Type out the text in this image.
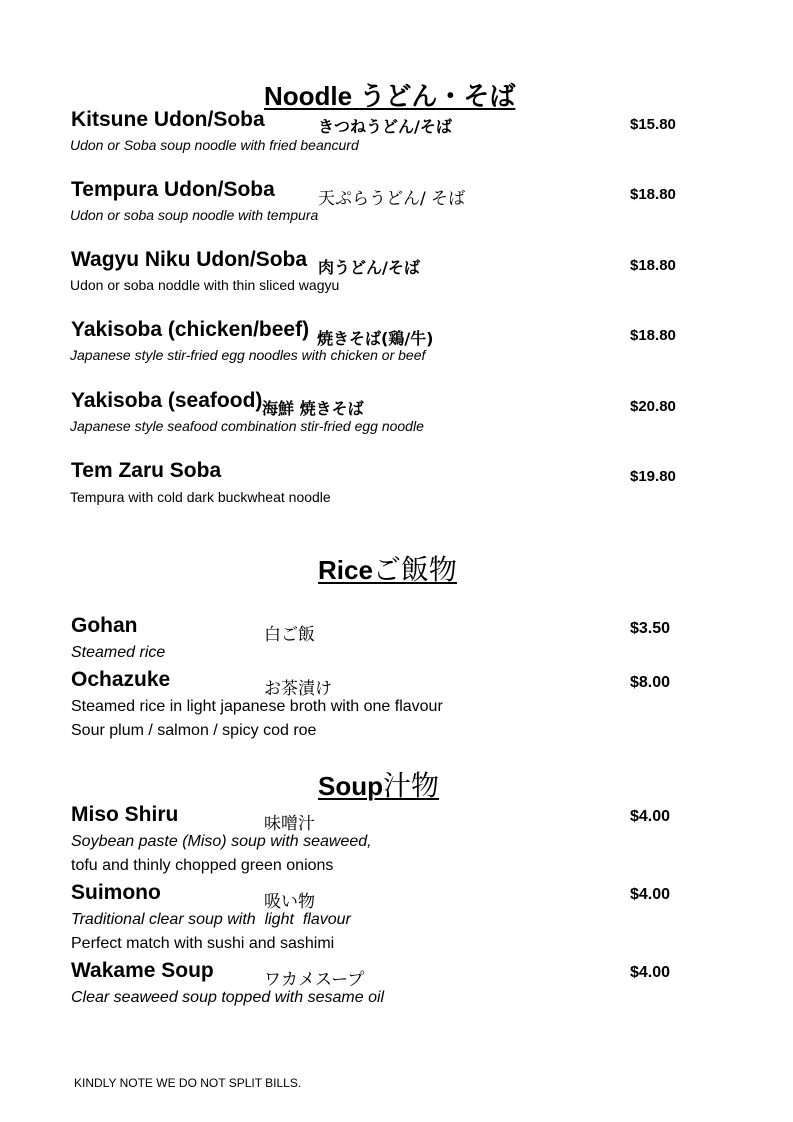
Noodle うどん・そば
Kitsune Udon/Soba	きつねうどん/そば	$15.80
Udon or Soba soup noodle with fried beancurd
Tempura Udon/Soba	天ぷらうどん/ そば	$18.80
Udon or soba soup noodle with tempura
Wagyu Niku Udon/Soba 肉うどん/そば	$18.80
Udon or soba noddle with thin sliced wagyu
Yakisoba (chicken/beef) 焼きそば(鶏/牛)	$18.80
Japanese style stir-fried egg noodles with chicken or beef
Yakisoba (seafood) 海鮮 焼きそば	$20.80
Japanese style seafood combination stir-fried egg noodle
Tem Zaru Soba	$19.80
Tempura with cold dark buckwheat noodle
Riceご飯物
Gohan	白ご飯	$3.50
Steamed rice
Ochazuke	お茶漬け	$8.00
Steamed rice in light japanese broth with one flavour
Sour plum / salmon / spicy cod roe
Soup汁物
Miso Shiru	味噌汁	$4.00
Soybean paste (Miso) soup with seaweed,
tofu and thinly chopped green onions
Suimono	吸い物	$4.00
Traditional clear soup with  light  flavour
Perfect match with sushi and sashimi
Wakame Soup	ワカメスープ	$4.00
Clear seaweed soup topped with sesame oil
KINDLY NOTE WE DO NOT SPLIT BILLS.
